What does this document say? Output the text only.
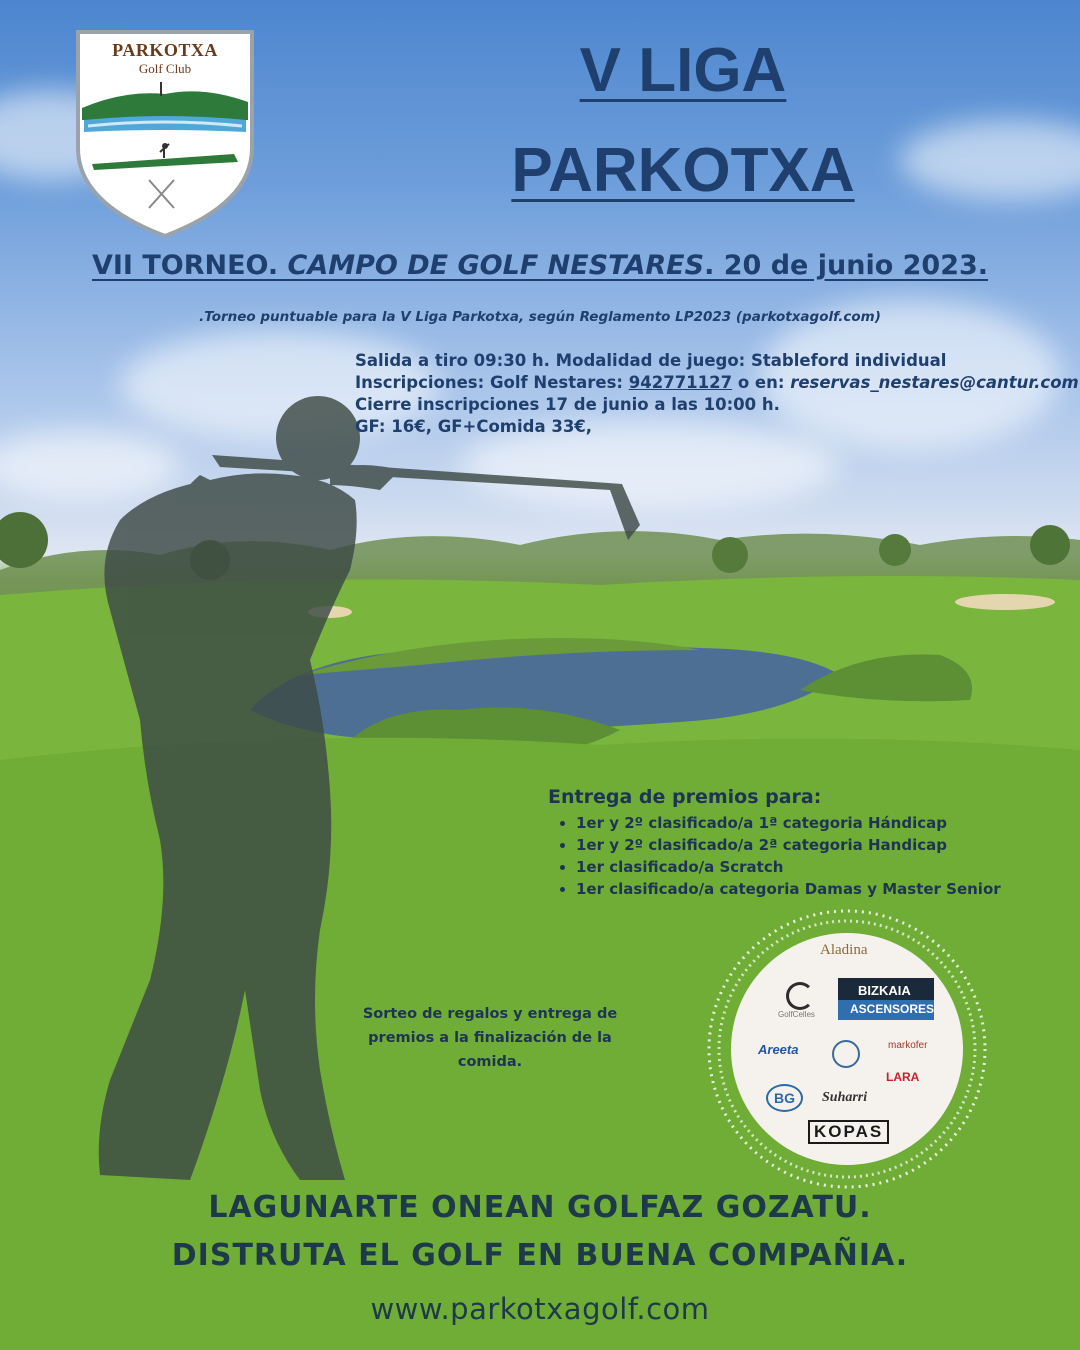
PARKOTXA
Golf Club	V LIGA
PARKOTXA
VII TORNEO. CAMPO DE GOLF NESTARES. 20 de junio 2023.
.Torneo puntuable para la V Liga Parkotxa, según Reglamento LP2023 (parkotxagolf.com)
Salida a tiro 09:30 h. Modalidad de juego: Stableford individual
Inscripciones: Golf Nestares: 942771127 o en: reservas_nestares@cantur.com
Cierre inscripciones 17 de junio a las 10:00 h.
GF: 16€, GF+Comida 33€,
Entrega de premios para:
• 1er y 2º clasificado/a 1ª categoria Hándicap
• 1er y 2º clasificado/a 2ª categoria Handicap
• 1er clasificado/a Scratch
• 1er clasificado/a categoria Damas y Master Senior
Sorteo de regalos y entrega de
premios a la finalización de la
comida.
Aladina
GolfCelles
BIZKAIA
ASCENSORES
Areeta	markofer
LARA
BG	Suharri
KOPAS
LAGUNARTE ONEAN GOLFAZ GOZATU.
DISTRUTA EL GOLF EN BUENA COMPAÑIA.
www.parkotxagolf.com
